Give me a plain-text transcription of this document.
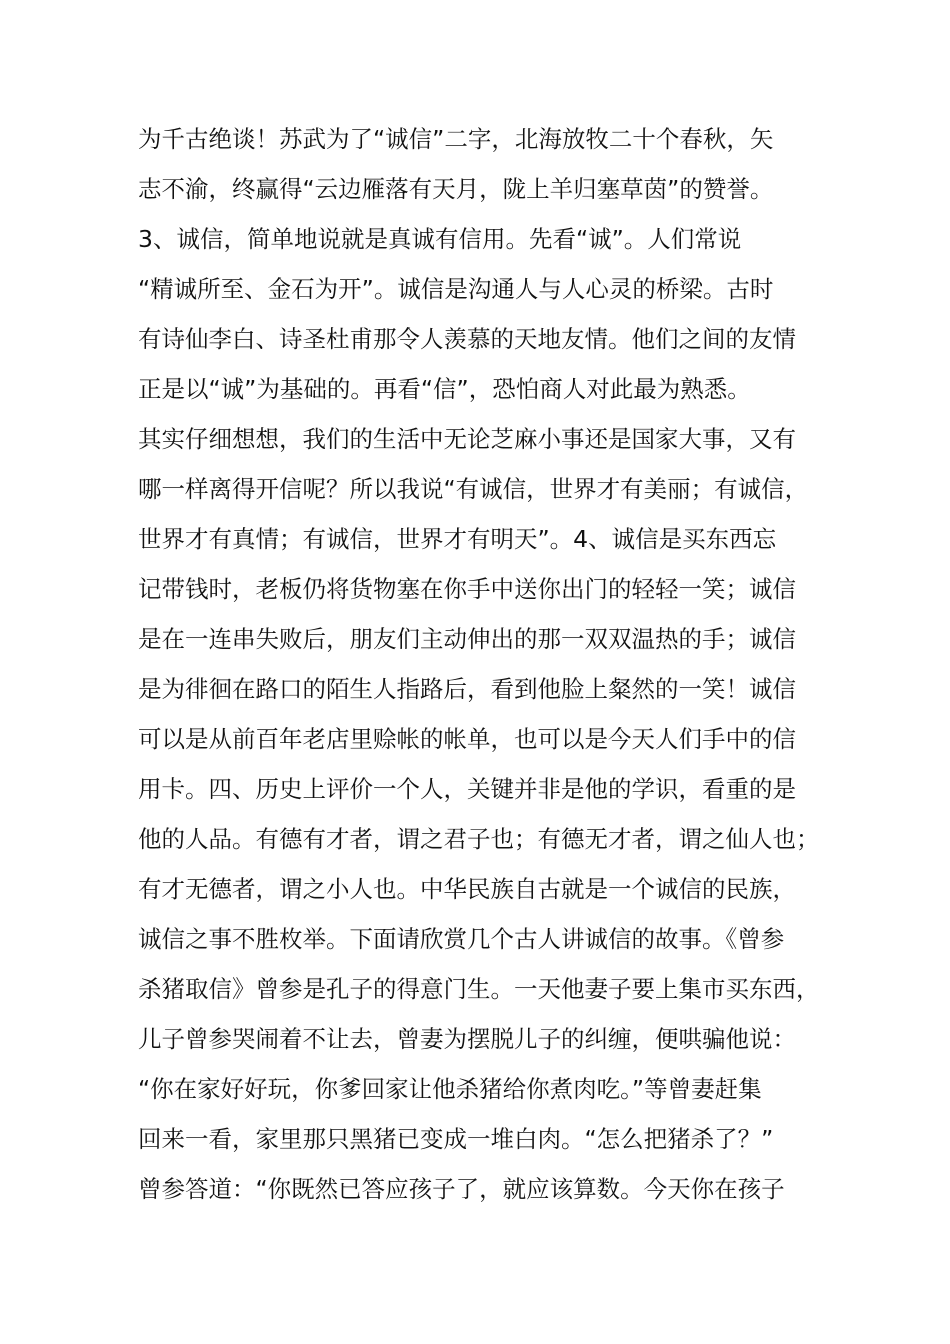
为千古绝谈！苏武为了“诚信”二字，北海放牧二十个春秋，矢
志不渝，终赢得“云边雁落有天月，陇上羊归塞草茵”的赞誉。
3、诚信，简单地说就是真诚有信用。先看“诚”。人们常说
“精诚所至、金石为开”。诚信是沟通人与人心灵的桥梁。古时
有诗仙李白、诗圣杜甫那令人羡慕的天地友情。他们之间的友情
正是以“诚”为基础的。再看“信”，恐怕商人对此最为熟悉。
其实仔细想想，我们的生活中无论芝麻小事还是国家大事，又有
哪一样离得开信呢？所以我说“有诚信，世界才有美丽；有诚信，
世界才有真情；有诚信，世界才有明天”。4、诚信是买东西忘
记带钱时，老板仍将货物塞在你手中送你出门的轻轻一笑；诚信
是在一连串失败后，朋友们主动伸出的那一双双温热的手；诚信
是为徘徊在路口的陌生人指路后，看到他脸上粲然的一笑！诚信
可以是从前百年老店里赊帐的帐单，也可以是今天人们手中的信
用卡。四、历史上评价一个人，关键并非是他的学识，看重的是
他的人品。有德有才者，谓之君子也；有德无才者，谓之仙人也；
有才无德者，谓之小人也。中华民族自古就是一个诚信的民族，
诚信之事不胜枚举。下面请欣赏几个古人讲诚信的故事。《曾参
杀猪取信》曾参是孔子的得意门生。一天他妻子要上集市买东西，
儿子曾参哭闹着不让去，曾妻为摆脱儿子的纠缠，便哄骗他说：
“你在家好好玩，你爹回家让他杀猪给你煮肉吃。”等曾妻赶集
回来一看，家里那只黑猪已变成一堆白肉。“怎么把猪杀了？”
曾参答道：“你既然已答应孩子了，就应该算数。今天你在孩子
